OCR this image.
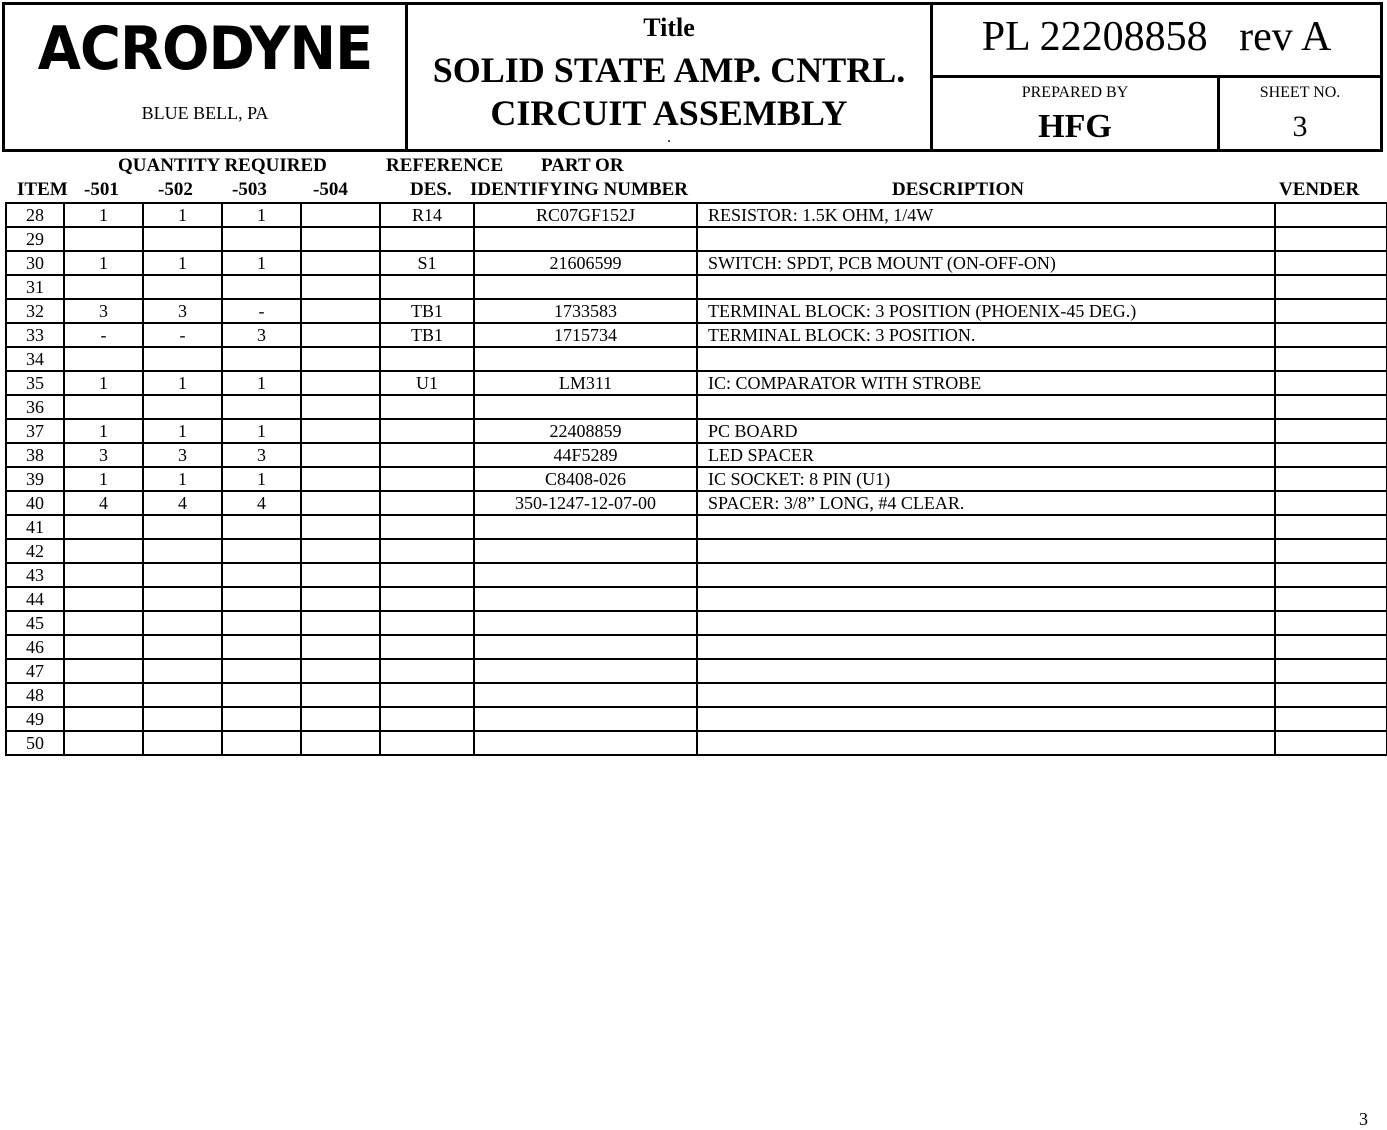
ACRODYNE
BLUE BELL, PA
Title
SOLID STATE AMP. CNTRL.
CIRCUIT ASSEMBLY
.
PL 22208858   rev A
PREPARED BY
HFG
SHEET NO.
3
QUANTITY REQUIRED	REFERENCE PART OR
ITEM -501 -502 -503 -504	DES. IDENTIFYING NUMBER	DESCRIPTION	VENDER
28	1	1	1		R14	RC07GF152J	RESISTOR: 1.5K OHM, 1/4W	
29								
30	1	1	1		S1	21606599	SWITCH: SPDT, PCB MOUNT (ON-OFF-ON)	
31								
32	3	3	-		TB1	1733583	TERMINAL BLOCK: 3 POSITION (PHOENIX-45 DEG.)	
33	-	-	3		TB1	1715734	TERMINAL BLOCK: 3 POSITION.	
34								
35	1	1	1		U1	LM311	IC: COMPARATOR WITH STROBE	
36								
37	1	1	1			22408859	PC BOARD	
38	3	3	3			44F5289	LED SPACER	
39	1	1	1			C8408-026	IC SOCKET: 8 PIN (U1)	
40	4	4	4			350-1247-12-07-00	SPACER: 3/8” LONG, #4 CLEAR.	
41								
42								
43								
44								
45								
46								
47								
48								
49								
50								
3
